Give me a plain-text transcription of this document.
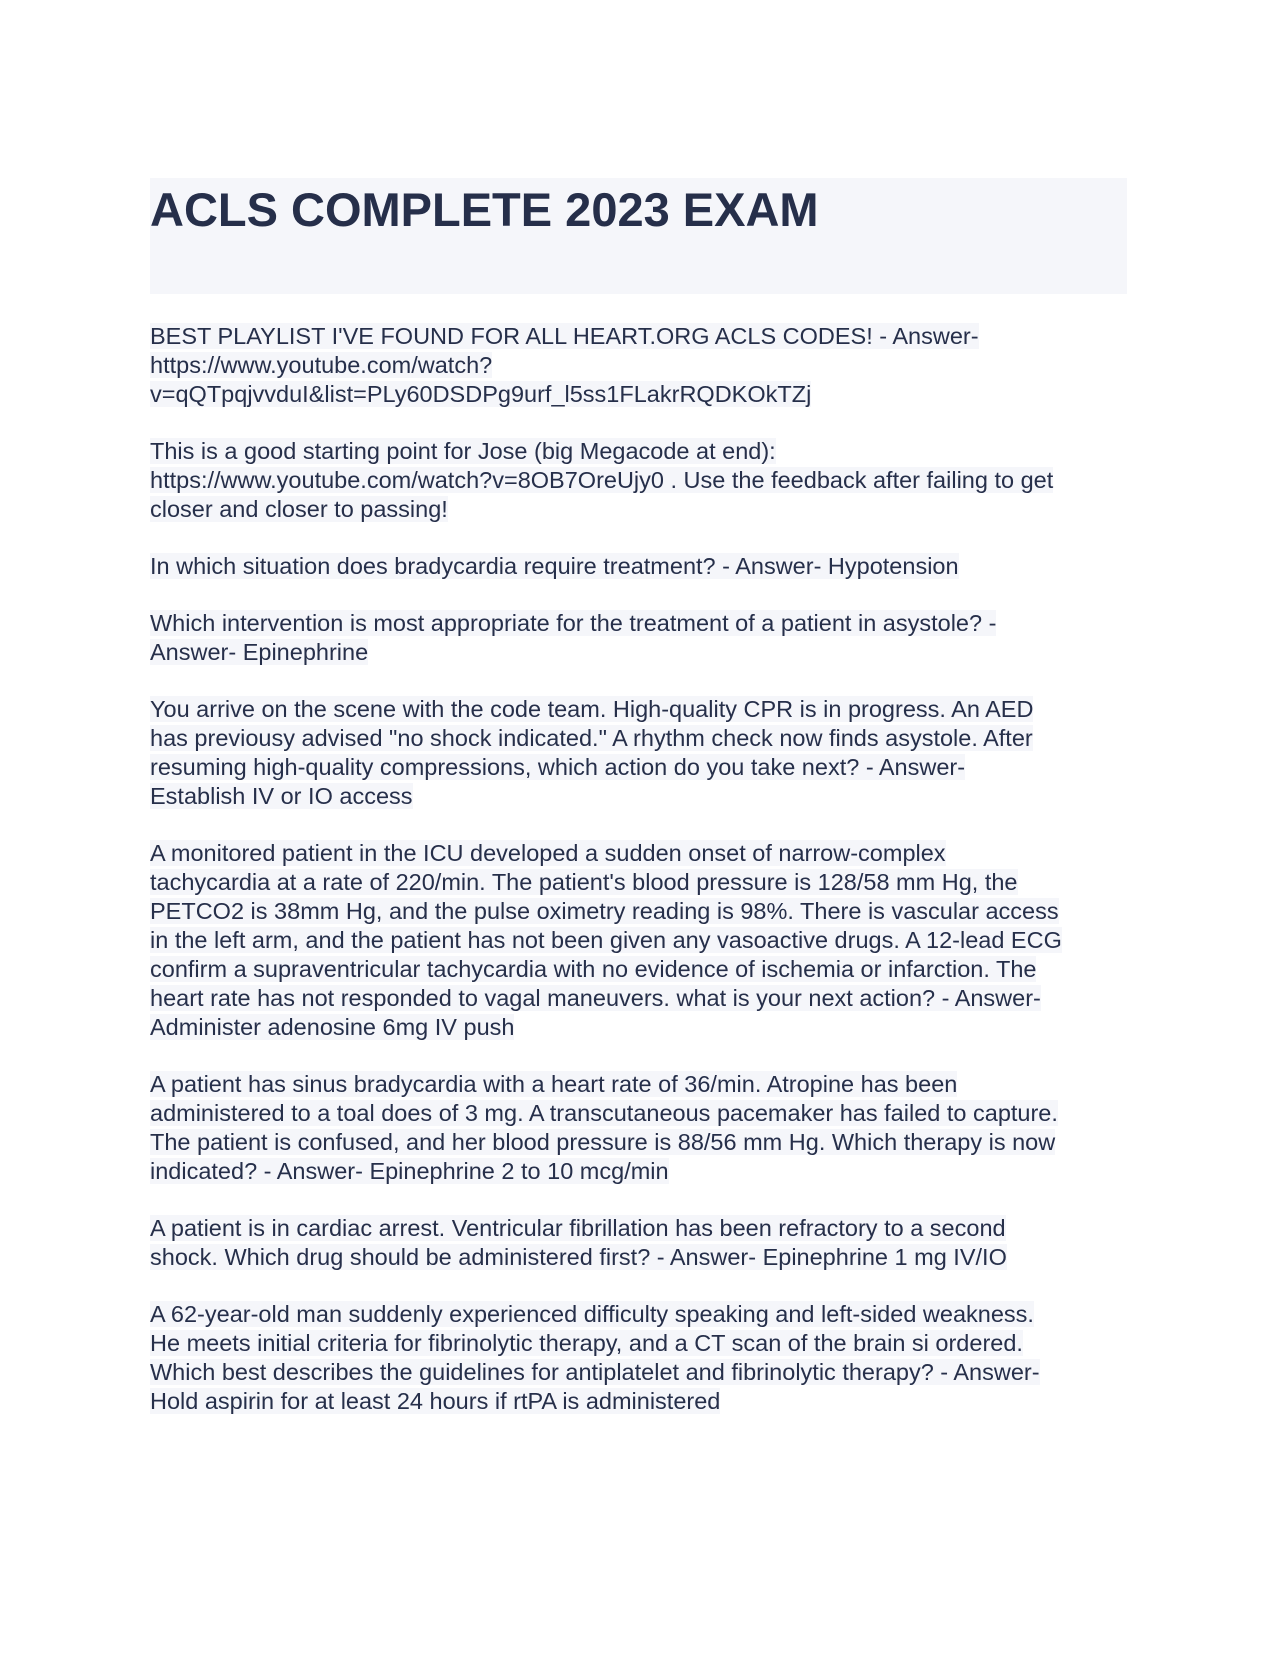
ACLS COMPLETE 2023 EXAM
BEST PLAYLIST I'VE FOUND FOR ALL HEART.ORG ACLS CODES! - Answer-
https://www.youtube.com/watch?
v=qQTpqjvvduI&list=PLy60DSDPg9urf_l5ss1FLakrRQDKOkTZj
This is a good starting point for Jose (big Megacode at end):
https://www.youtube.com/watch?v=8OB7OreUjy0 . Use the feedback after failing to get
closer and closer to passing!
In which situation does bradycardia require treatment? - Answer- Hypotension
Which intervention is most appropriate for the treatment of a patient in asystole? -
Answer- Epinephrine
You arrive on the scene with the code team. High-quality CPR is in progress. An AED
has previousy advised "no shock indicated." A rhythm check now finds asystole. After
resuming high-quality compressions, which action do you take next? - Answer-
Establish IV or IO access
A monitored patient in the ICU developed a sudden onset of narrow-complex
tachycardia at a rate of 220/min. The patient's blood pressure is 128/58 mm Hg, the
PETCO2 is 38mm Hg, and the pulse oximetry reading is 98%. There is vascular access
in the left arm, and the patient has not been given any vasoactive drugs. A 12-lead ECG
confirm a supraventricular tachycardia with no evidence of ischemia or infarction. The
heart rate has not responded to vagal maneuvers. what is your next action? - Answer-
Administer adenosine 6mg IV push
A patient has sinus bradycardia with a heart rate of 36/min. Atropine has been
administered to a toal does of 3 mg. A transcutaneous pacemaker has failed to capture.
The patient is confused, and her blood pressure is 88/56 mm Hg. Which therapy is now
indicated? - Answer- Epinephrine 2 to 10 mcg/min
A patient is in cardiac arrest. Ventricular fibrillation has been refractory to a second
shock. Which drug should be administered first? - Answer- Epinephrine 1 mg IV/IO
A 62-year-old man suddenly experienced difficulty speaking and left-sided weakness.
He meets initial criteria for fibrinolytic therapy, and a CT scan of the brain si ordered.
Which best describes the guidelines for antiplatelet and fibrinolytic therapy? - Answer-
Hold aspirin for at least 24 hours if rtPA is administered
